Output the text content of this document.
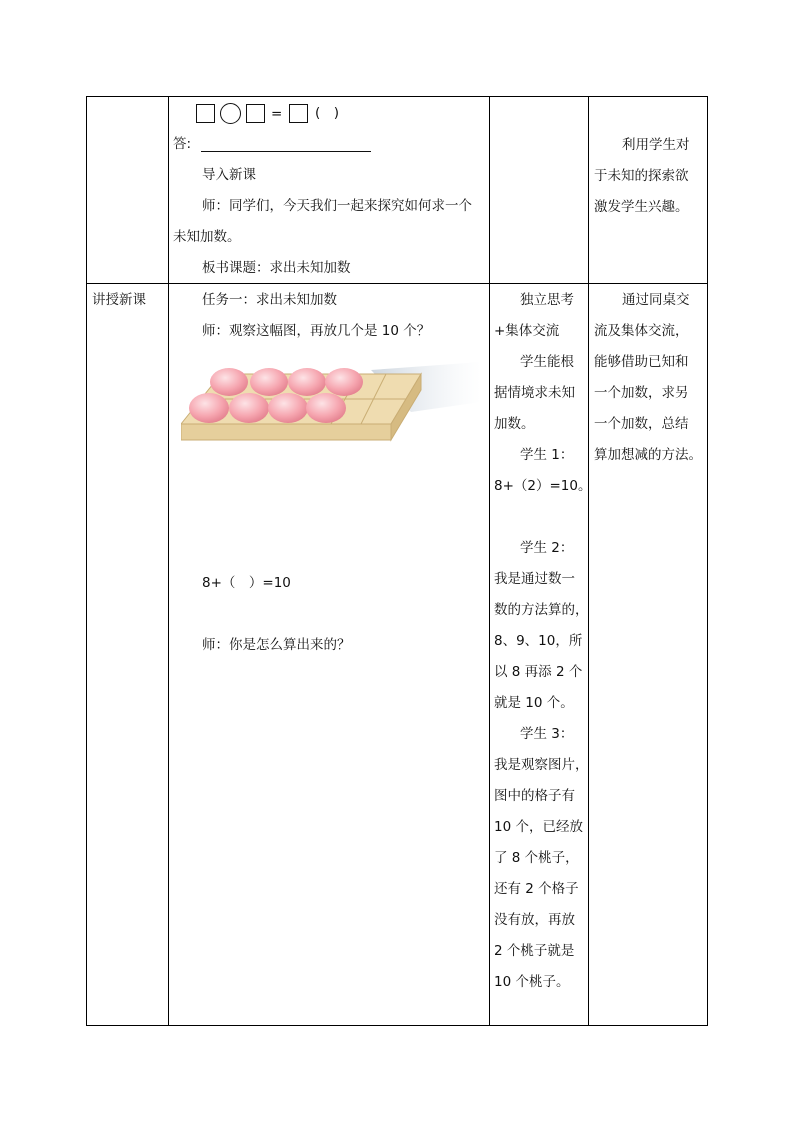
= (　)
答:
导入新课
师：同学们，今天我们一起来探究如何求一个
未知加数。
板书课题：求出未知加数
利用学生对
于未知的探索欲
激发学生兴趣。
讲授新课	任务一：求出未知加数
师：观察这幅图，再放几个是 10 个？
8+（　）=10
师：你是怎么算出来的？
独立思考
+集体交流
学生能根
据情境求未知
加数。
学生 1：
8+（2）=10。
学生 2：
我是通过数一
数的方法算的，
8、9、10，所
以 8 再添 2 个
就是 10 个。
学生 3：
我是观察图片，
图中的格子有
10 个，已经放
了 8 个桃子，
还有 2 个格子
没有放，再放
2 个桃子就是
10 个桃子。
通过同桌交
流及集体交流，
能够借助已知和
一个加数，求另
一个加数，总结
算加想减的方法。
